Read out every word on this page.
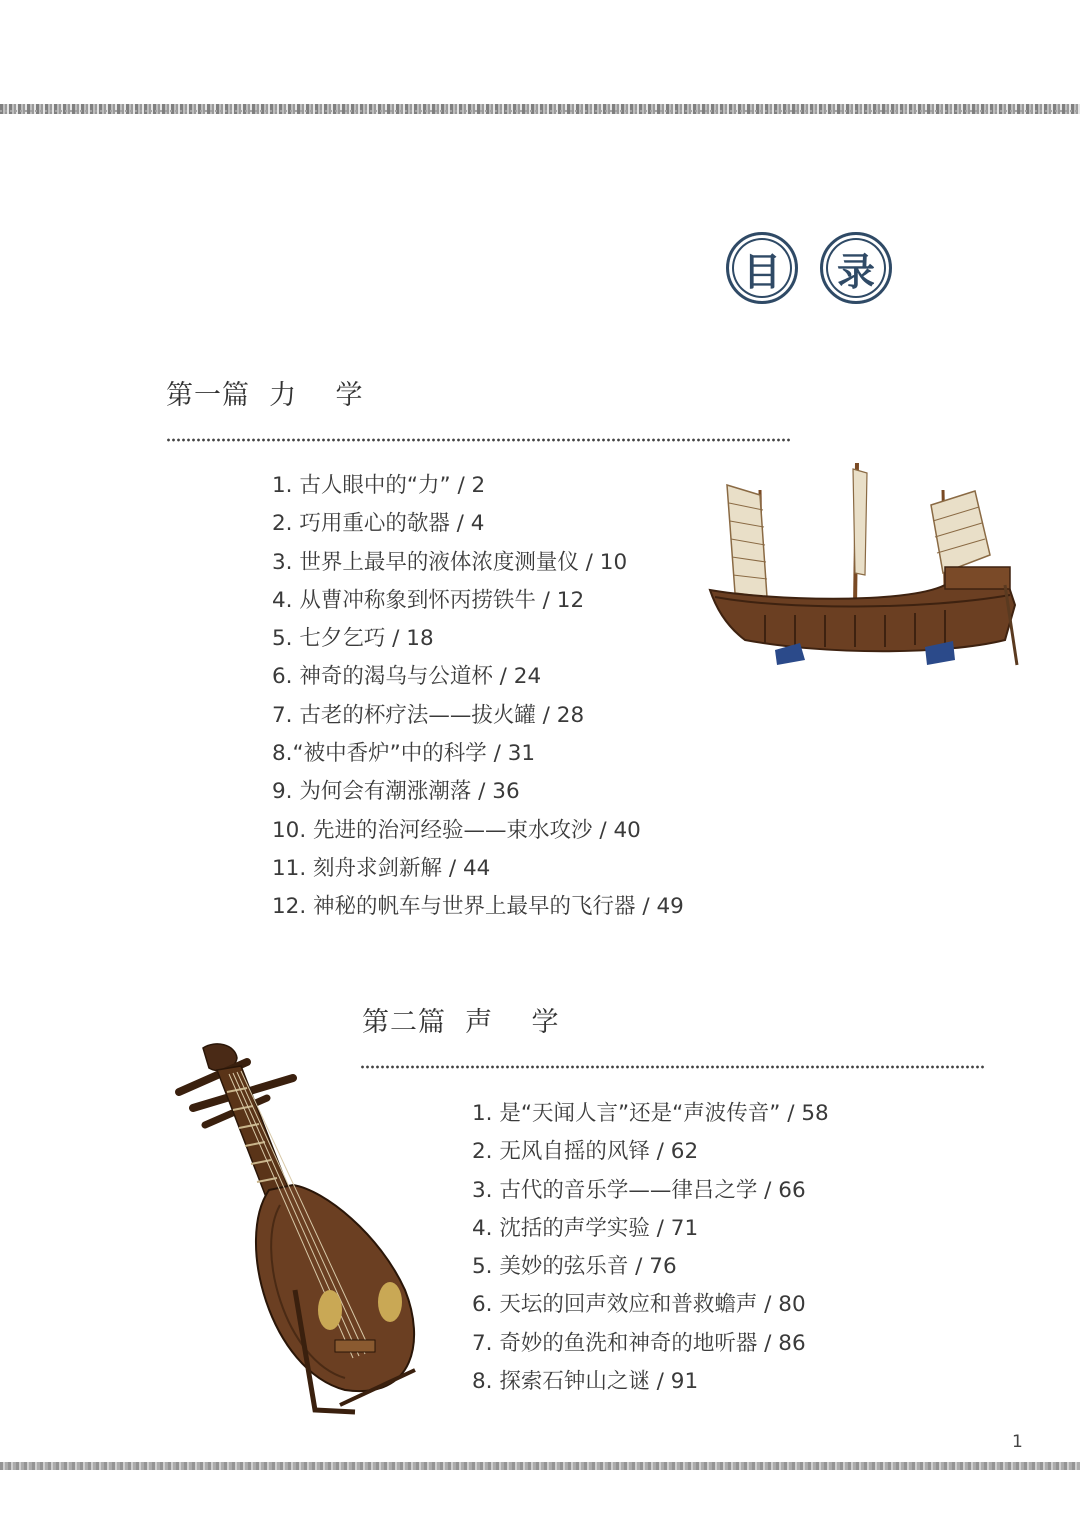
目	录
第一篇  力    学
1. 古人眼中的“力” / 2
2. 巧用重心的欹器 / 4
3. 世界上最早的液体浓度测量仪 / 10
4. 从曹冲称象到怀丙捞铁牛 / 12
5. 七夕乞巧 / 18
6. 神奇的渴乌与公道杯 / 24
7. 古老的杯疗法——拔火罐 / 28
8.“被中香炉”中的科学 / 31
9. 为何会有潮涨潮落 / 36
10. 先进的治河经验——束水攻沙 / 40
11. 刻舟求剑新解 / 44
12. 神秘的帆车与世界上最早的飞行器 / 49
第二篇  声    学
1. 是“天闻人言”还是“声波传音” / 58
2. 无风自摇的风铎 / 62
3. 古代的音乐学——律吕之学 / 66
4. 沈括的声学实验 / 71
5. 美妙的弦乐音 / 76
6. 天坛的回声效应和普救蟾声 / 80
7. 奇妙的鱼洗和神奇的地听器 / 86
8. 探索石钟山之谜 / 91
1
